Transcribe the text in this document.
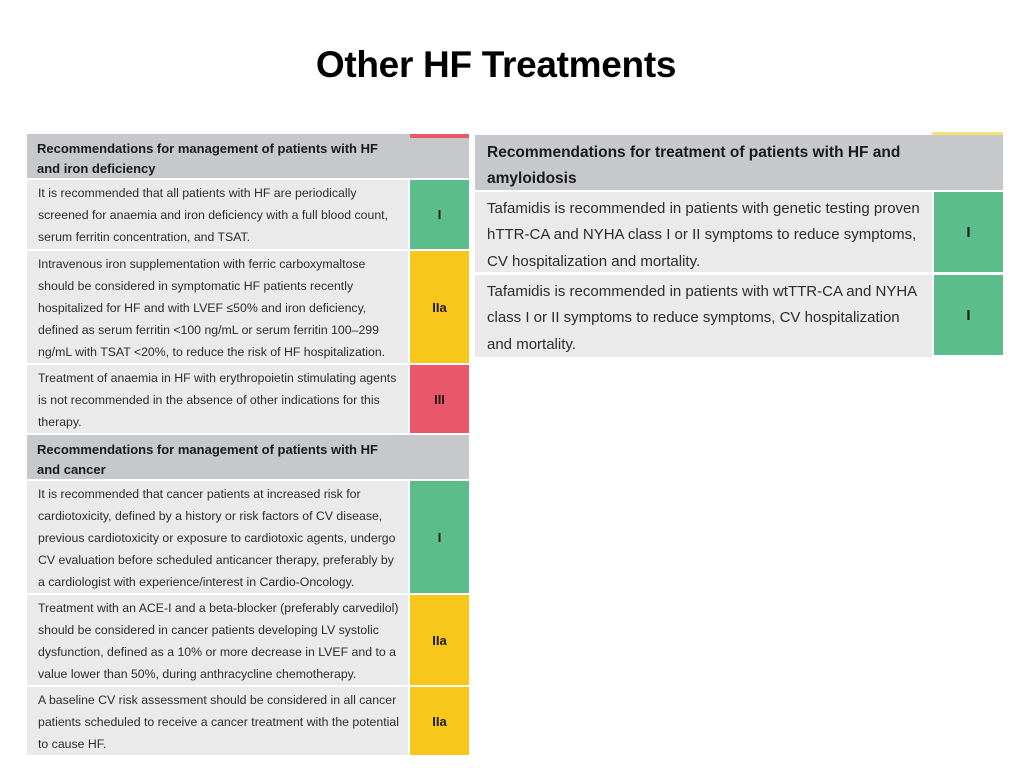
Other HF Treatments
Recommendations for management of patients with HF and iron deficiency
It is recommended that all patients with HF are periodically screened for anaemia and iron deficiency with a full blood count, serum ferritin concentration, and TSAT.
I
Intravenous iron supplementation with ferric carboxymaltose should be considered in symptomatic HF patients recently hospitalized for HF and with LVEF ≤50% and iron deficiency, defined as serum ferritin <100 ng/mL or serum ferritin 100–299 ng/mL with TSAT <20%, to reduce the risk of HF hospitalization.
IIa
Treatment of anaemia in HF with erythropoietin stimulating agents is not recommended in the absence of other indications for this therapy.
III
Recommendations for management of patients with HF and cancer
It is recommended that cancer patients at increased risk for cardiotoxicity, defined by a history or risk factors of CV disease, previous cardiotoxicity or exposure to cardiotoxic agents, undergo CV evaluation before scheduled anticancer therapy, preferably by a cardiologist with experience/interest in Cardio-Oncology.
I
Treatment with an ACE-I and a beta-blocker (preferably carvedilol) should be considered in cancer patients developing LV systolic dysfunction, defined as a 10% or more decrease in LVEF and to a value lower than 50%, during anthracycline chemotherapy.
IIa
A baseline CV risk assessment should be considered in all cancer patients scheduled to receive a cancer treatment with the potential to cause HF.
IIa
Recommendations for treatment of patients with HF and amyloidosis
Tafamidis is recommended in patients with genetic testing proven hTTR-CA and NYHA class I or II symptoms to reduce symptoms, CV hospitalization and mortality.
I
Tafamidis is recommended in patients with wtTTR-CA and NYHA class I or II symptoms to reduce symptoms, CV hospitalization and mortality.
I
